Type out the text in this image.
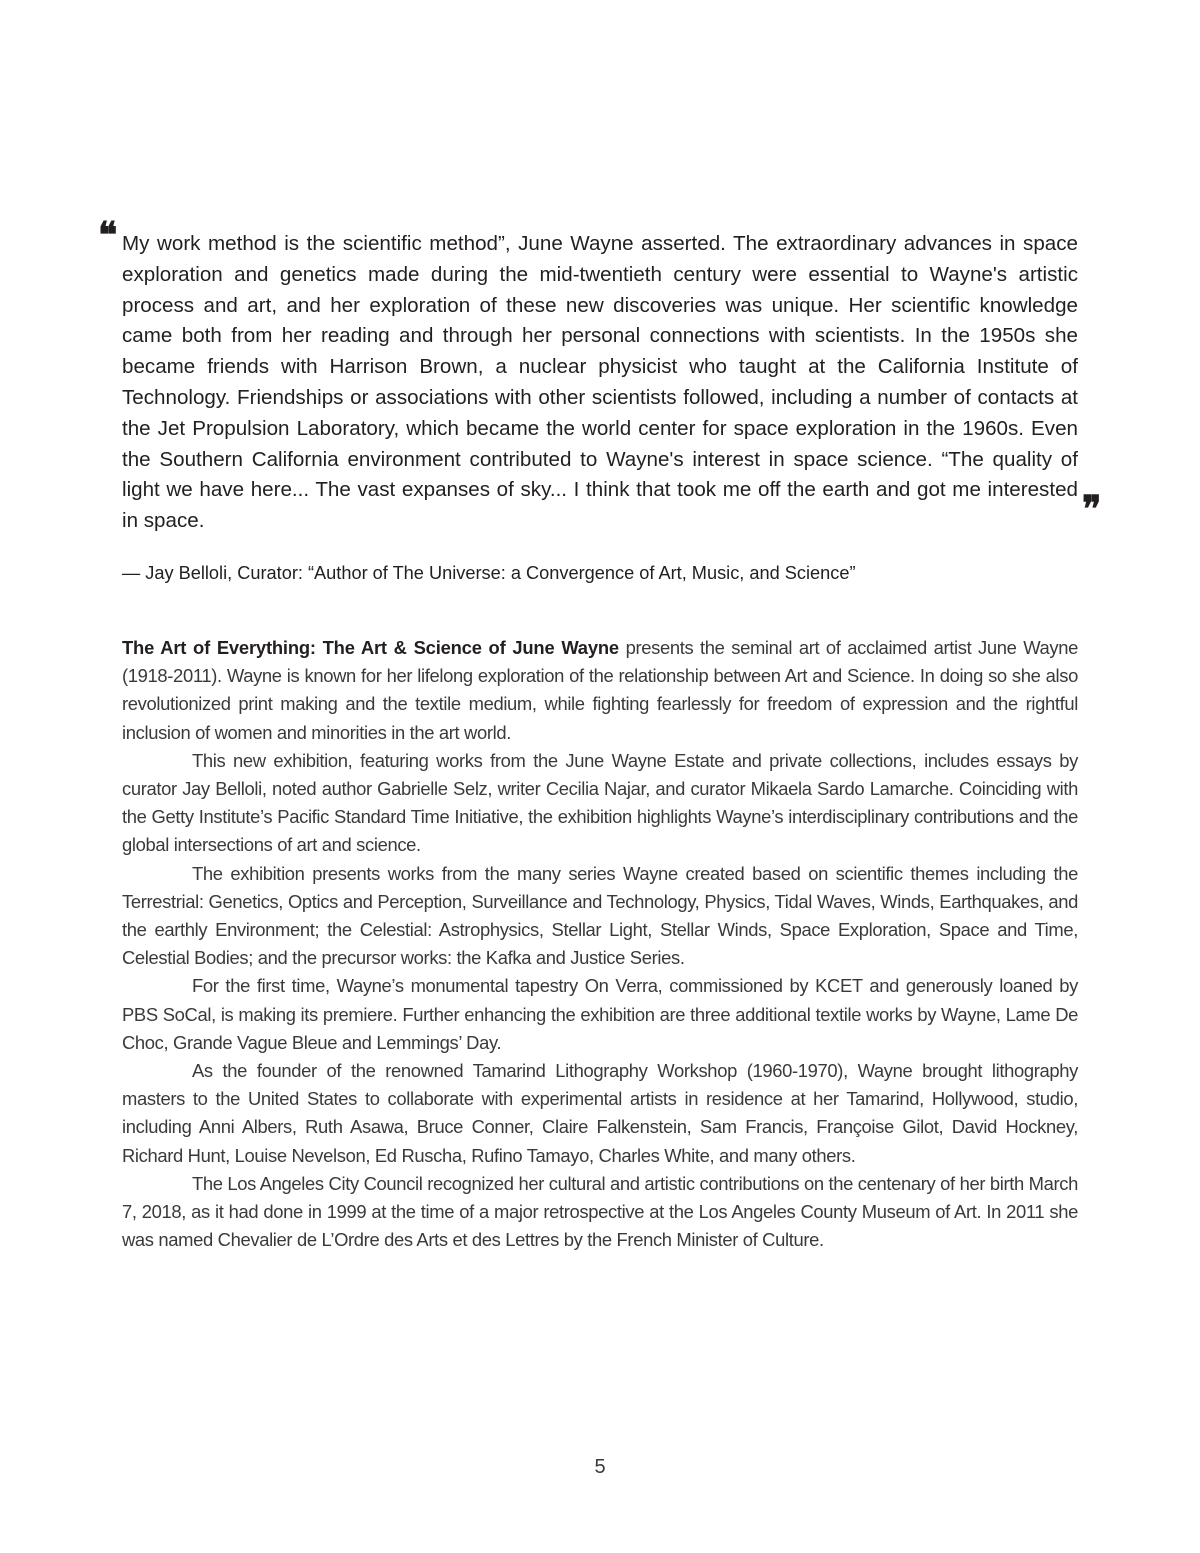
❝ My work method is the scientific method”, June Wayne asserted. The extraordinary advances in space exploration and genetics made during the mid-twentieth century were essential to Wayne's artistic process and art, and her exploration of these new discoveries was unique. Her scientific knowledge came both from her reading and through her personal connections with scientists. In the 1950s she became friends with Harrison Brown, a nuclear physicist who taught at the California Institute of Technology. Friendships or associations with other scientists followed, including a number of contacts at the Jet Propulsion Laboratory, which became the world center for space exploration in the 1960s. Even the Southern California environment contributed to Wayne's interest in space science. “The quality of light we have here... The vast expanses of sky... I think that took me off the earth and got me interested in space.	❞
— Jay Belloli, Curator: “Author of The Universe: a Convergence of Art, Music, and Science”

The Art of Everything: The Art & Science of June Wayne presents the seminal art of acclaimed artist June Wayne (1918-2011). Wayne is known for her lifelong exploration of the relationship between Art and Science. In doing so she also revolutionized print making and the textile medium, while fighting fearlessly for freedom of expression and the rightful inclusion of women and minorities in the art world.

This new exhibition, featuring works from the June Wayne Estate and private collections, includes essays by curator Jay Belloli, noted author Gabrielle Selz, writer Cecilia Najar, and curator Mikaela Sardo Lamarche. Coinciding with the Getty Institute’s Pacific Standard Time Initiative, the exhibition highlights Wayne’s interdisciplinary contributions and the global intersections of art and science.

The exhibition presents works from the many series Wayne created based on scientific themes including the Terrestrial: Genetics, Optics and Perception, Surveillance and Technology, Physics, Tidal Waves, Winds, Earthquakes, and the earthly Environment; the Celestial: Astrophysics, Stellar Light, Stellar Winds, Space Exploration, Space and Time, Celestial Bodies; and the precursor works: the Kafka and Justice Series.

For the first time, Wayne’s monumental tapestry On Verra, commissioned by KCET and generously loaned by PBS SoCal, is making its premiere. Further enhancing the exhibition are three additional textile works by Wayne, Lame De Choc, Grande Vague Bleue and Lemmings’ Day.

As the founder of the renowned Tamarind Lithography Workshop (1960-1970), Wayne brought lithography masters to the United States to collaborate with experimental artists in residence at her Tamarind, Hollywood, studio, including Anni Albers, Ruth Asawa, Bruce Conner, Claire Falkenstein, Sam Francis, Françoise Gilot, David Hockney, Richard Hunt, Louise Nevelson, Ed Ruscha, Rufino Tamayo, Charles White, and many others.

The Los Angeles City Council recognized her cultural and artistic contributions on the centenary of her birth March 7, 2018, as it had done in 1999 at the time of a major retrospective at the Los Angeles County Museum of Art. In 2011 she was named Chevalier de L’Ordre des Arts et des Lettres by the French Minister of Culture.

5
